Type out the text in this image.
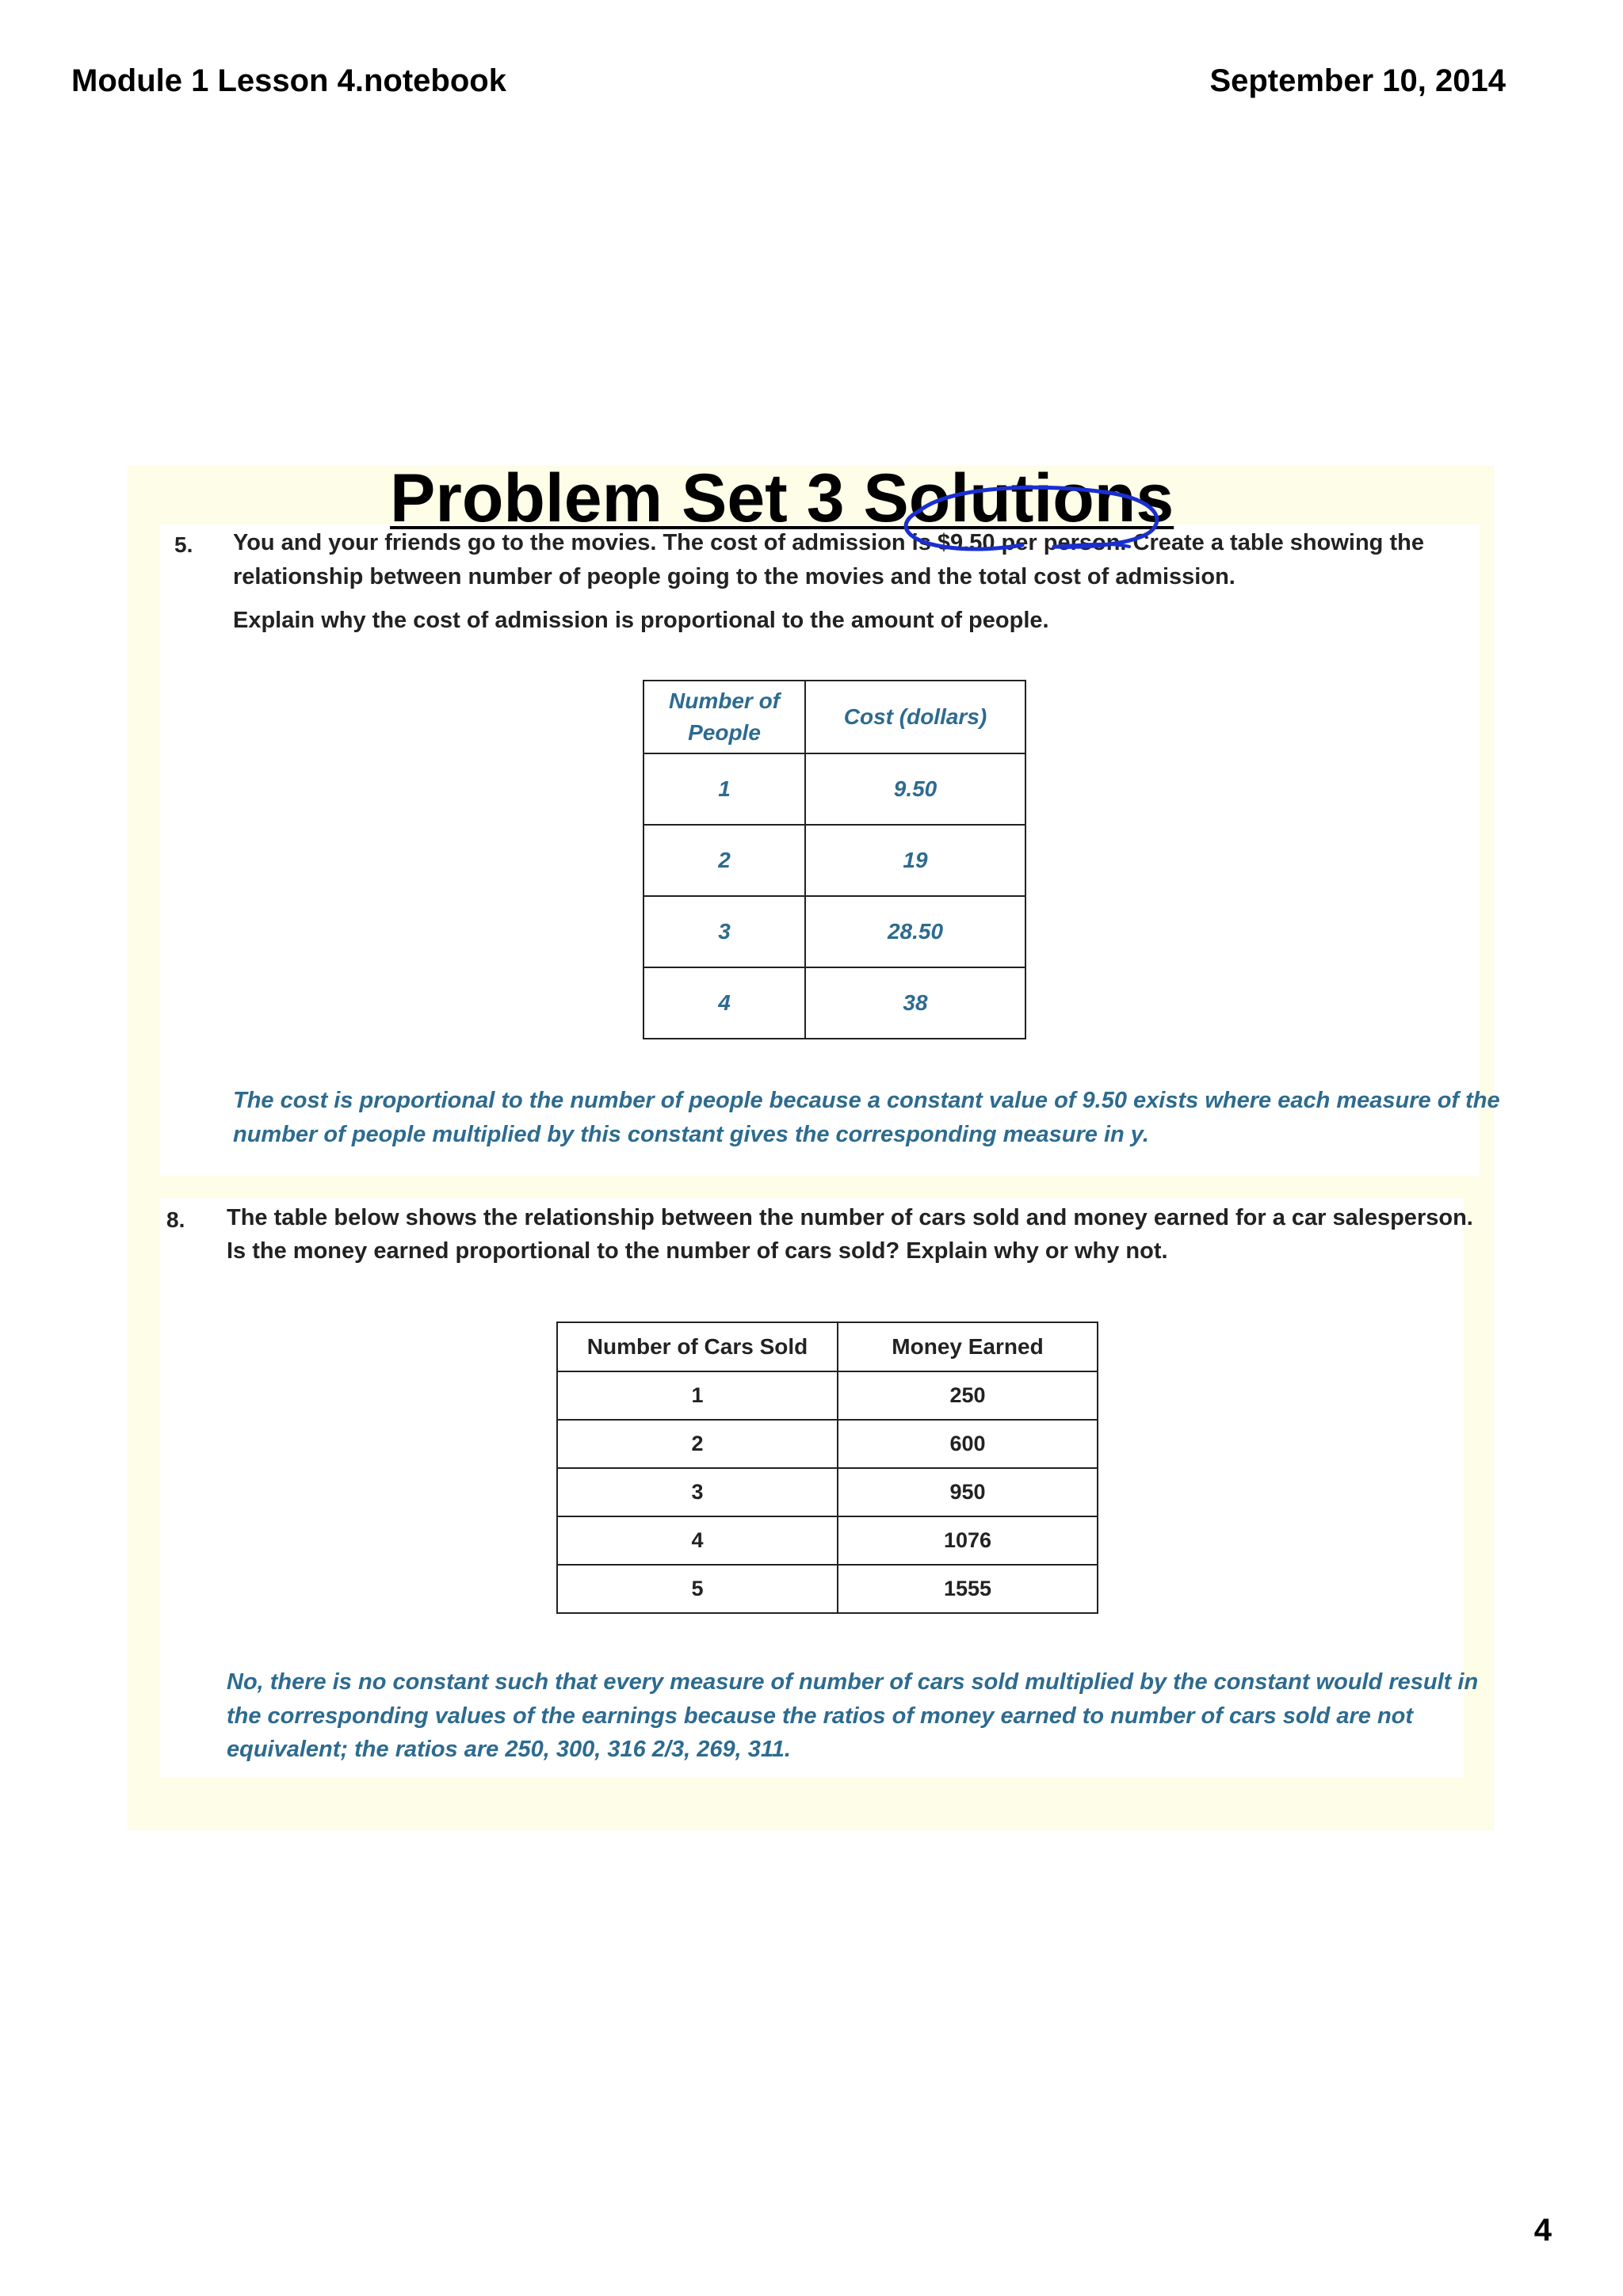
Module 1 Lesson 4.notebook	September 10, 2014
Problem Set 3 Solutions
5. You and your friends go to the movies. The cost of admission is $9.50 per person. Create a table showing the
relationship between number of people going to the movies and the total cost of admission.
Explain why the cost of admission is proportional to the amount of people.
Number of People	Cost (dollars)
1	9.50
2	19
3	28.50
4	38
The cost is proportional to the number of people because a constant value of 9.50 exists where each measure of the
number of people multiplied by this constant gives the corresponding measure in y.
8. The table below shows the relationship between the number of cars sold and money earned for a car salesperson.
Is the money earned proportional to the number of cars sold? Explain why or why not.
Number of Cars Sold	Money Earned
1	250
2	600
3	950
4	1076
5	1555
No, there is no constant such that every measure of number of cars sold multiplied by the constant would result in
the corresponding values of the earnings because the ratios of money earned to number of cars sold are not
equivalent; the ratios are 250, 300, 316 2/3, 269, 311.
4
